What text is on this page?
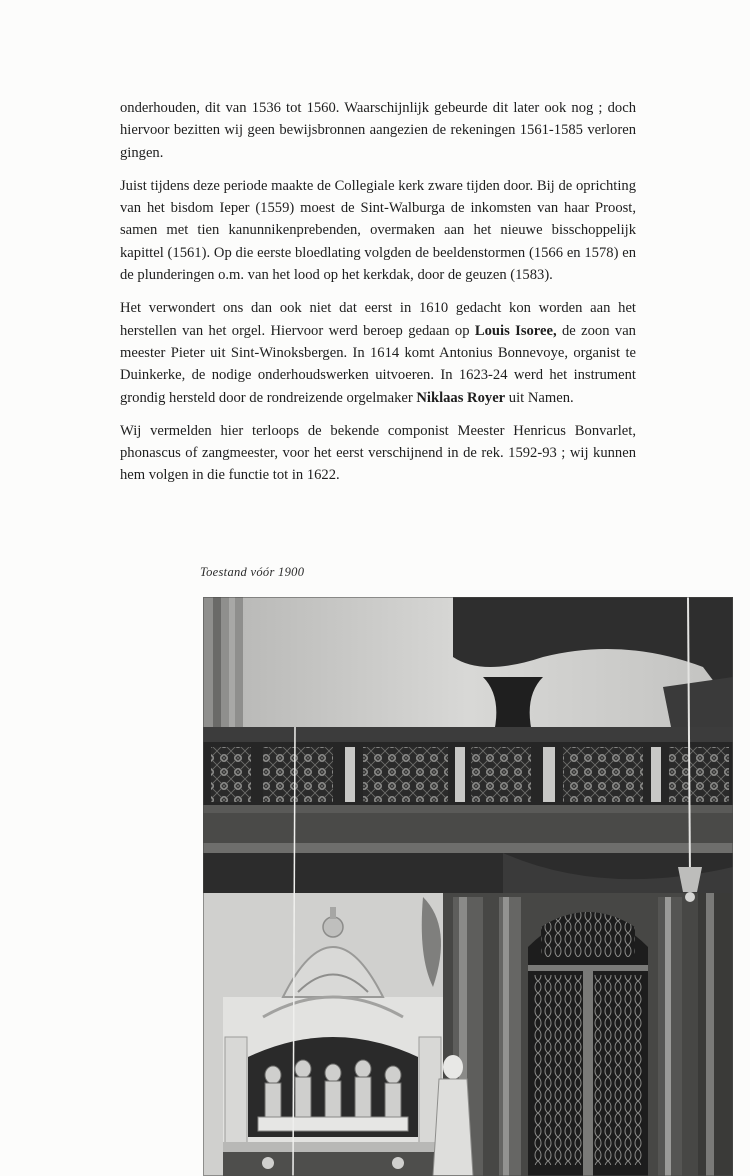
onderhouden, dit van 1536 tot 1560. Waarschijnlijk gebeurde dit later ook nog ; doch hiervoor bezitten wij geen bewijsbronnen aangezien de rekeningen 1561-1585 verloren gingen.

Juist tijdens deze periode maakte de Collegiale kerk zware tijden door. Bij de oprichting van het bisdom Ieper (1559) moest de Sint-Walburga de inkomsten van haar Proost, samen met tien kanunnikenprebenden, overmaken aan het nieuwe bisschoppelijk kapittel (1561). Op die eerste bloedlating volgden de beeldenstormen (1566 en 1578) en de plunderingen o.m. van het lood op het kerkdak, door de geuzen (1583).

Het verwondert ons dan ook niet dat eerst in 1610 gedacht kon worden aan het herstellen van het orgel. Hiervoor werd beroep gedaan op Louis Isoree, de zoon van meester Pieter uit Sint-Winoksbergen. In 1614 komt Antonius Bonnevoye, organist te Duinkerke, de nodige onderhoudswerken uitvoeren. In 1623-24 werd het instrument grondig hersteld door de rondreizende orgelmaker Niklaas Royer uit Namen.

Wij vermelden hier terloops de bekende componist Meester Henricus Bonvarlet, phonascus of zangmeester, voor het eerst verschijnend in de rek. 1592-93 ; wij kunnen hem volgen in die functie tot in 1622.

Toestand vóór 1900
